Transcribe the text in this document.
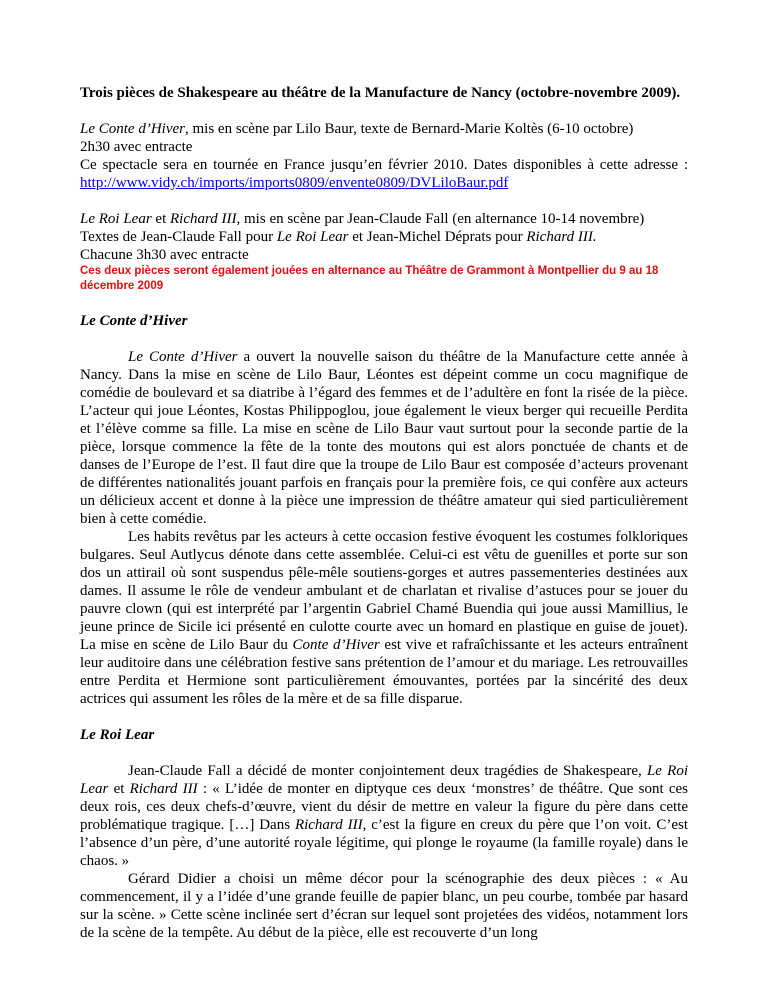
Trois pièces de Shakespeare au théâtre de la Manufacture de Nancy (octobre-novembre 2009).

Le Conte d’Hiver, mis en scène par Lilo Baur, texte de Bernard-Marie Koltès (6-10 octobre)

2h30 avec entracte

Ce spectacle sera en tournée en France jusqu’en février 2010. Dates disponibles à cette adresse : http://www.vidy.ch/imports/imports0809/envente0809/DVLiloBaur.pdf

Le Roi Lear et Richard III, mis en scène par Jean-Claude Fall (en alternance 10-14 novembre)

Textes de Jean-Claude Fall pour Le Roi Lear et Jean-Michel Déprats pour Richard III.

Chacune 3h30 avec entracte

Ces deux pièces seront également jouées en alternance au Théâtre de Grammont à Montpellier du 9 au 18 décembre 2009

Le Conte d’Hiver

Le Conte d’Hiver a ouvert la nouvelle saison du théâtre de la Manufacture cette année à Nancy. Dans la mise en scène de Lilo Baur, Léontes est dépeint comme un cocu magnifique de comédie de boulevard et sa diatribe à l’égard des femmes et de l’adultère en font la risée de la pièce. L’acteur qui joue Léontes, Kostas Philippoglou, joue également le vieux berger qui recueille Perdita et l’élève comme sa fille. La mise en scène de Lilo Baur vaut surtout pour la seconde partie de la pièce, lorsque commence la fête de la tonte des moutons qui est alors ponctuée de chants et de danses de l’Europe de l’est. Il faut dire que la troupe de Lilo Baur est composée d’acteurs provenant de différentes nationalités jouant parfois en français pour la première fois, ce qui confère aux acteurs un délicieux accent et donne à la pièce une impression de théâtre amateur qui sied particulièrement bien à cette comédie.

Les habits revêtus par les acteurs à cette occasion festive évoquent les costumes folkloriques bulgares. Seul Autlycus dénote dans cette assemblée. Celui-ci est vêtu de guenilles et porte sur son dos un attirail où sont suspendus pêle-mêle soutiens-gorges et autres passementeries destinées aux dames. Il assume le rôle de vendeur ambulant et de charlatan et rivalise d’astuces pour se jouer du pauvre clown (qui est interprété par l’argentin Gabriel Chamé Buendia qui joue aussi Mamillius, le jeune prince de Sicile ici présenté en culotte courte avec un homard en plastique en guise de jouet). La mise en scène de Lilo Baur du Conte d’Hiver est vive et rafraîchissante et les acteurs entraînent leur auditoire dans une célébration festive sans prétention de l’amour et du mariage. Les retrouvailles entre Perdita et Hermione sont particulièrement émouvantes, portées par la sincérité des deux actrices qui assument les rôles de la mère et de sa fille disparue.

Le Roi Lear

Jean-Claude Fall a décidé de monter conjointement deux tragédies de Shakespeare, Le Roi Lear et Richard III : « L’idée de monter en diptyque ces deux ‘monstres’ de théâtre. Que sont ces deux rois, ces deux chefs-d’œuvre, vient du désir de mettre en valeur la figure du père dans cette problématique tragique. […] Dans Richard III, c’est la figure en creux du père que l’on voit. C’est l’absence d’un père, d’une autorité royale légitime, qui plonge le royaume (la famille royale) dans le chaos. »

Gérard Didier a choisi un même décor pour la scénographie des deux pièces : « Au commencement, il y a l’idée d’une grande feuille de papier blanc, un peu courbe, tombée par hasard sur la scène. » Cette scène inclinée sert d’écran sur lequel sont projetées des vidéos, notamment lors de la scène de la tempête. Au début de la pièce, elle est recouverte d’un long
